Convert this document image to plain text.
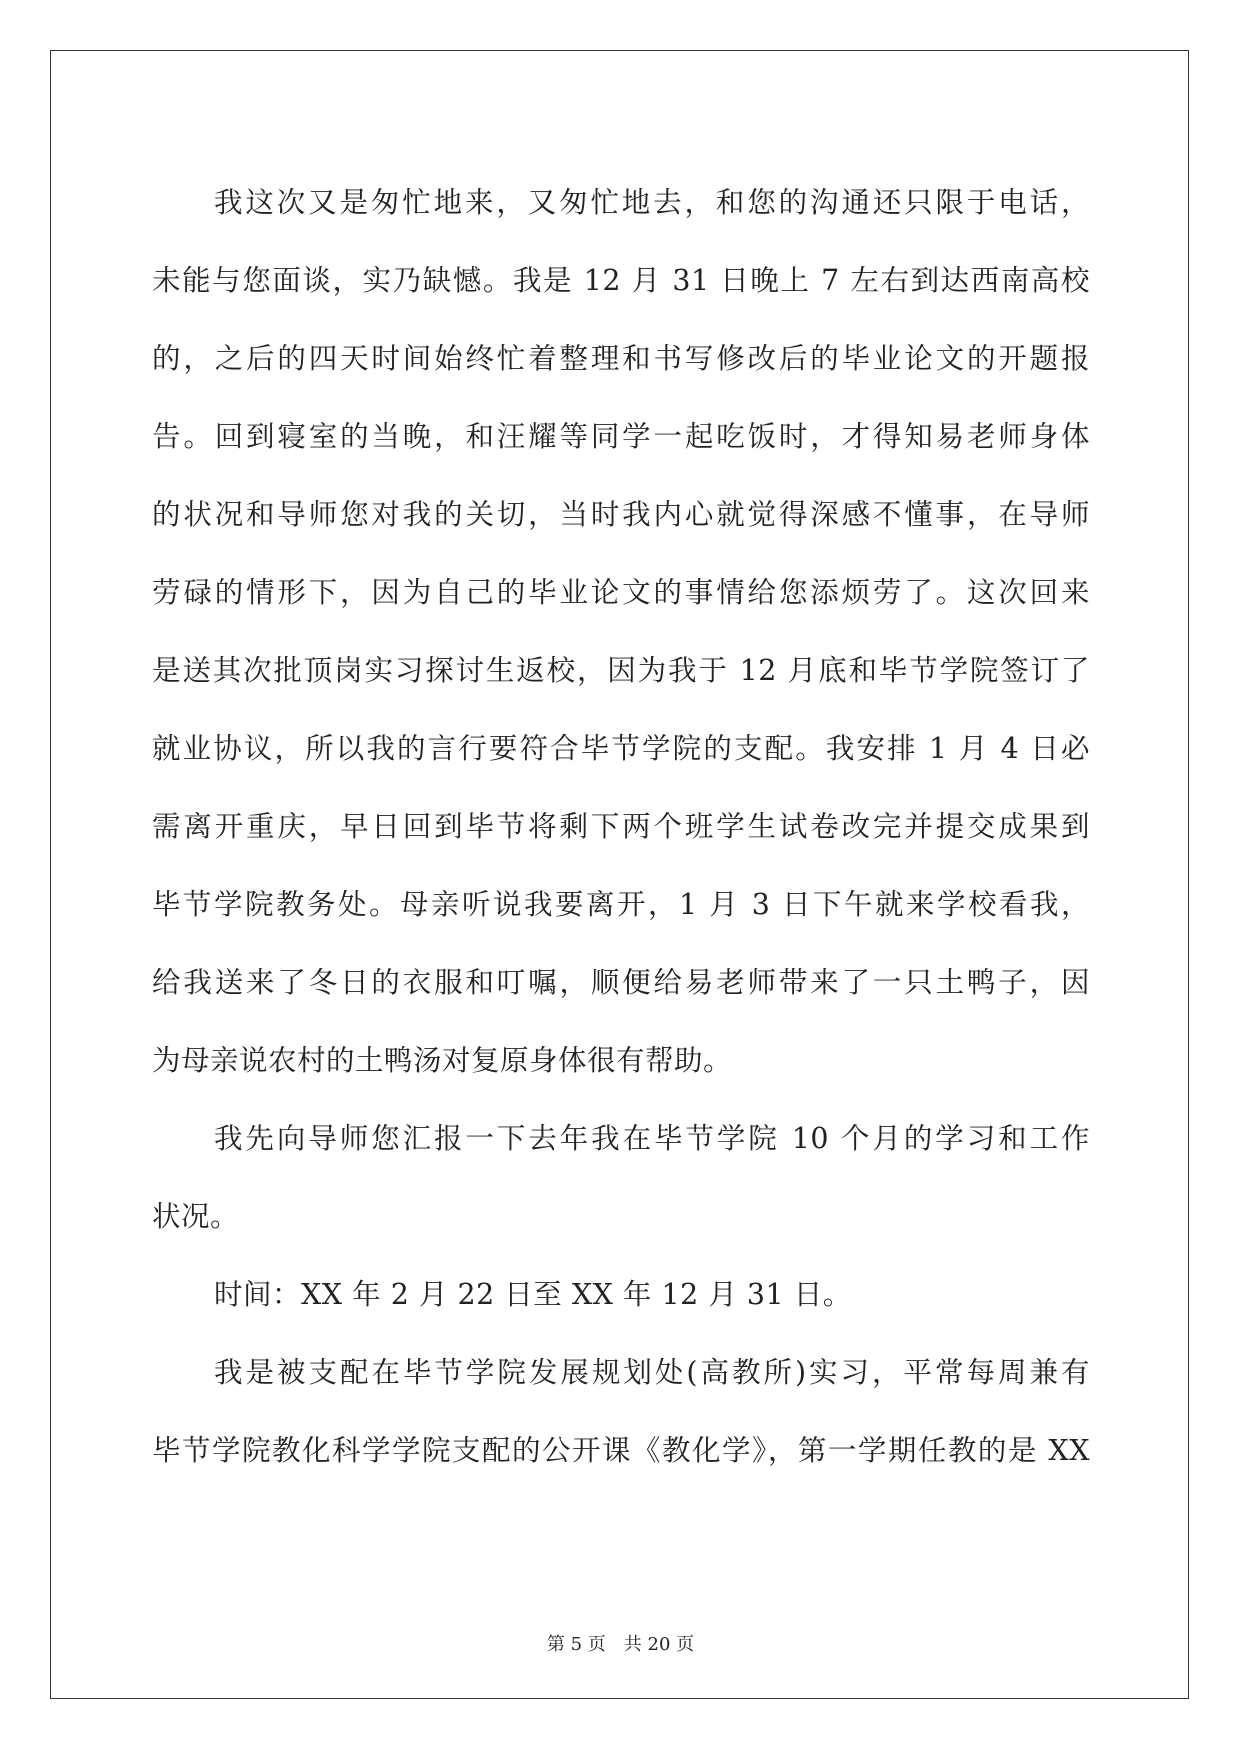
我这次又是匆忙地来，又匆忙地去，和您的沟通还只限于电话，
未能与您面谈，实乃缺憾。我是 12 月 31 日晚上 7 左右到达西南高校
的，之后的四天时间始终忙着整理和书写修改后的毕业论文的开题报
告。回到寝室的当晚，和汪耀等同学一起吃饭时，才得知易老师身体
的状况和导师您对我的关切，当时我内心就觉得深感不懂事，在导师
劳碌的情形下，因为自己的毕业论文的事情给您添烦劳了。这次回来
是送其次批顶岗实习探讨生返校，因为我于 12 月底和毕节学院签订了
就业协议，所以我的言行要符合毕节学院的支配。我安排 1 月 4 日必
需离开重庆，早日回到毕节将剩下两个班学生试卷改完并提交成果到
毕节学院教务处。母亲听说我要离开，1 月 3 日下午就来学校看我，
给我送来了冬日的衣服和叮嘱，顺便给易老师带来了一只土鸭子，因
为母亲说农村的土鸭汤对复原身体很有帮助。
我先向导师您汇报一下去年我在毕节学院 10 个月的学习和工作
状况。
时间：XX 年 2 月 22 日至 XX 年 12 月 31 日。
我是被支配在毕节学院发展规划处(高教所)实习，平常每周兼有
毕节学院教化科学学院支配的公开课《教化学》，第一学期任教的是 XX
第 5 页 共 20 页
